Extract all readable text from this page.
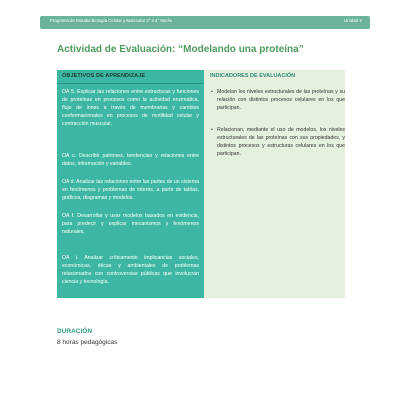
Programa de Estudio Biología Celular y Molecular 3° a 4° Medio	Unidad 2
Actividad de Evaluación: “Modelando una proteína”
OBJETIVOS DE APRENDIZAJE
OA 5. Explicar las relaciones entre estructuras y funciones de proteínas en procesos como la actividad enzimática, flujo de iones a través de membranas y cambios conformacionales en procesos de motilidad celular y contracción muscular.
OA c. Describir patrones, tendencias y relaciones entre datos, información y variables.
OA d. Analizar las relaciones entre las partes de un sistema en fenómenos y problemas de interés, a partir de tablas, gráficos, diagramas y modelos.
OA f. Desarrollar y usar modelos basados en evidencia, para predecir y explicar mecanismos y fenómenos naturales.
OA i. Analizar críticamente implicancias sociales, económicas, éticas y ambientales de problemas relacionados con controversias públicas que involucran ciencia y tecnología.
INDICADORES DE EVALUACIÓN
• Modelan los niveles estructurales de las proteínas y su relación con distintos procesos celulares en los que participan.
• Relacionan, mediante el uso de modelos, los niveles estructurales de las proteínas con sus propiedades, y distintos procesos y estructuras celulares en los que participan.
DURACIÓN
8 horas pedagógicas
